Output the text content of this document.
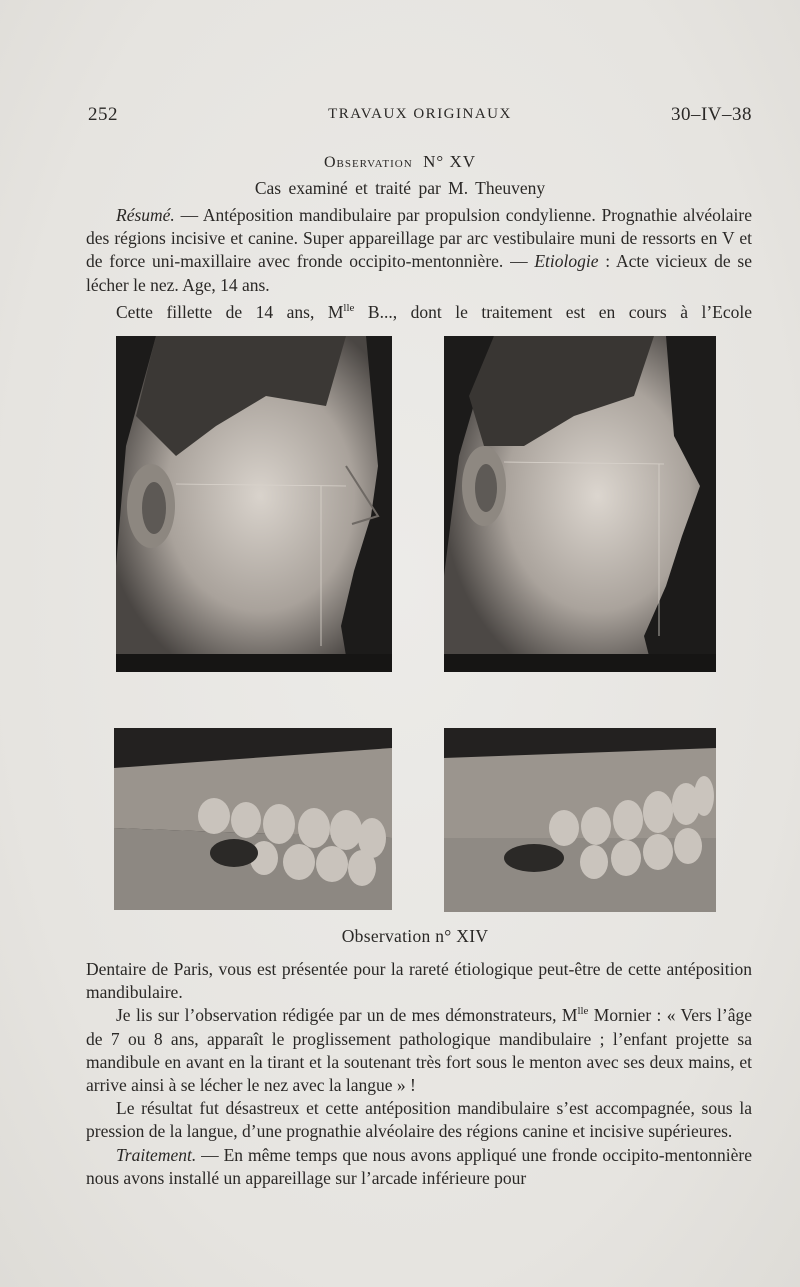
252	TRAVAUX ORIGINAUX	30–IV–38
Observation N° XV
Cas examiné et traité par M. Theuveny

Résumé. — Antéposition mandibulaire par propulsion condylienne. Prognathie alvéolaire des régions incisive et canine. Super appareillage par arc vestibulaire muni de ressorts en V et de force uni-maxillaire avec fronde occipito-mentonnière. — Etiologie : Acte vicieux de se lécher le nez. Age, 14 ans.

Cette fillette de 14 ans, $M^{lle}$ B..., dont le traitement est en cours à l’Ecole

Observation n° XIV

Dentaire de Paris, vous est présentée pour la rareté étiologique peut-être de cette antéposition mandibulaire.

Je lis sur l’observation rédigée par un de mes démonstrateurs, $M^{lle}$ Mornier : « Vers l’âge de 7 ou 8 ans, apparaît le proglissement pathologique mandibulaire ; l’enfant projette sa mandibule en avant en la tirant et la soutenant très fort sous le menton avec ses deux mains, et arrive ainsi à se lécher le nez avec la langue » !

Le résultat fut désastreux et cette antéposition mandibulaire s’est accompagnée, sous la pression de la langue, d’une prognathie alvéolaire des régions canine et incisive supérieures.

Traitement. — En même temps que nous avons appliqué une fronde occipito-mentonnière nous avons installé un appareillage sur l’arcade inférieure pour
